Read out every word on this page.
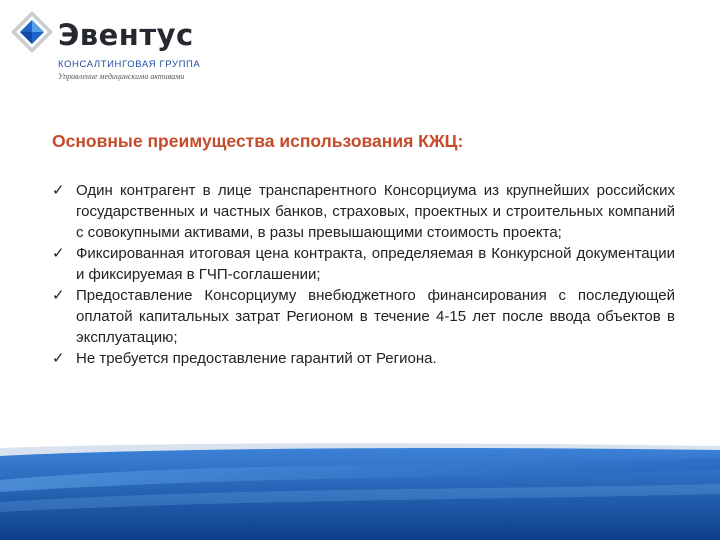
Эвентус
КОНСАЛТИНГОВАЯ ГРУППА
Управление медицинскими активами
Основные преимущества использования КЖЦ:
✓ Один контрагент в лице транспарентного Консорциума из крупнейших российских государственных и частных банков, страховых, проектных и строительных компаний с совокупными активами, в разы превышающими стоимость проекта;
✓ Фиксированная итоговая цена контракта, определяемая в Конкурсной документации и фиксируемая в ГЧП-соглашении;
✓ Предоставление Консорциуму внебюджетного финансирования с последующей оплатой капитальных затрат Регионом в течение 4-15 лет после ввода объектов в эксплуатацию;
✓ Не требуется предоставление гарантий от Региона.
